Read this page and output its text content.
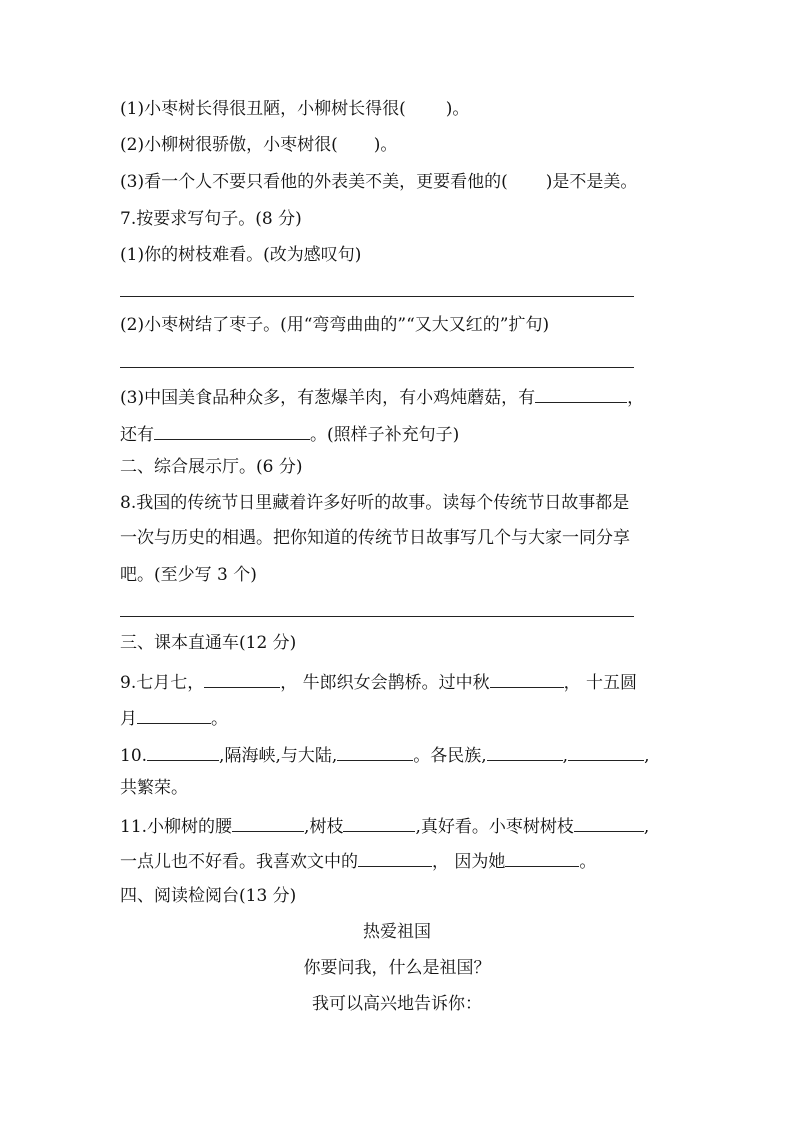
(1)小枣树长得很丑陋，小柳树长得很( )。
(2)小柳树很骄傲，小枣树很( )。
(3)看一个人不要只看他的外表美不美，更要看他的( )是不是美。
7.按要求写句子。(8 分)
(1)你的树枝难看。(改为感叹句)
(2)小枣树结了枣子。(用“弯弯曲曲的”“又大又红的”扩句)
(3)中国美食品种众多，有葱爆羊肉，有小鸡炖蘑菇，有	，
还有	。(照样子补充句子)
二、综合展示厅。(6 分)
8.我国的传统节日里藏着许多好听的故事。读每个传统节日故事都是
一次与历史的相遇。把你知道的传统节日故事写几个与大家一同分享
吧。(至少写 3 个)
三、课本直通车(12 分)
9.七月七，	， 牛郎织女会鹊桥。过中秋	， 十五圆
月	。
10.	,隔海峡,与大陆,	。各民族,	,	,
共繁荣。
11.小柳树的腰	,树枝	,真好看。小枣树树枝	,
一点儿也不好看。我喜欢文中的	， 因为她	。
四、阅读检阅台(13 分)
热爱祖国
你要问我，什么是祖国？
我可以高兴地告诉你：
